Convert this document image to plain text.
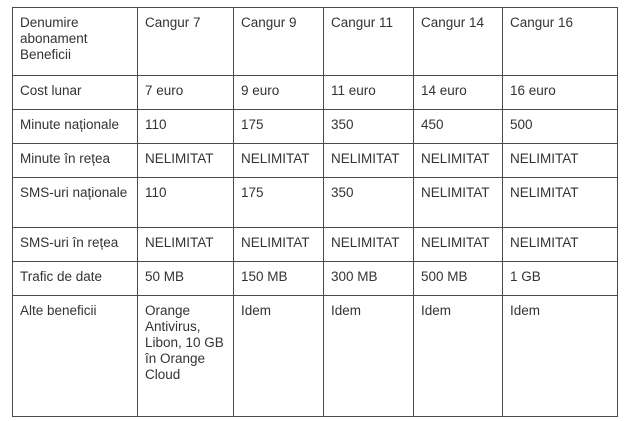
Denumire abonament Beneficii	Cangur 7	Cangur 9	Cangur 11	Cangur 14	Cangur 16
Cost lunar	7 euro	9 euro	11 euro	14 euro	16 euro
Minute naționale	110	175	350	450	500
Minute în rețea	NELIMITAT	NELIMITAT	NELIMITAT	NELIMITAT	NELIMITAT
SMS-uri naționale	110	175	350	NELIMITAT	NELIMITAT
SMS-uri în rețea	NELIMITAT	NELIMITAT	NELIMITAT	NELIMITAT	NELIMITAT
Trafic de date	50 MB	150 MB	300 MB	500 MB	1 GB
Alte beneficii	Orange Antivirus, Libon, 10 GB în Orange Cloud	Idem	Idem	Idem	Idem
